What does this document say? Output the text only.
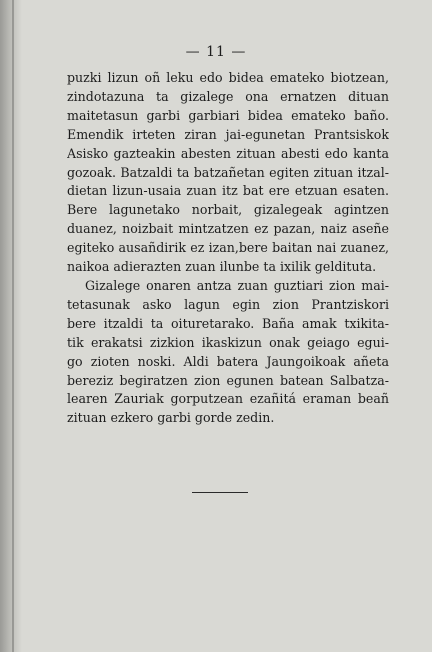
— 11 —
puzki lizun oñ leku edo bidea emateko biotzean,
zindotazuna ta gizalege ona ernatzen dituan
maitetasun garbi garbiari bidea emateko baño.
Emendik irteten ziran jai-egunetan Prantsiskok
Asisko gazteakin abesten zituan abesti edo kanta
gozoak. Batzaldi ta batzañetan egiten zituan itzal-
dietan lizun-usaia zuan itz bat ere etzuan esaten.
Bere lagunetako norbait, gizalegeak agintzen
duanez, noizbait mintzatzen ez pazan, naiz aseñe
egiteko ausañdirik ez izan,bere baitan nai zuanez,
naikoa adierazten zuan ilunbe ta ixilik geldituta.
Gizalege onaren antza zuan guztiari zion mai-
tetasunak asko lagun egin zion Prantziskori
bere itzaldi ta oituretarako. Baña amak txikita-
tik erakatsi zizkion ikaskizun onak geiago egui-
go zioten noski. Aldi batera Jaungoikoak añeta
bereziz begiratzen zion egunen batean Salbatza-
learen Zauriak gorputzean ezañitá eraman beañ
zituan ezkero garbi gorde zedin.
